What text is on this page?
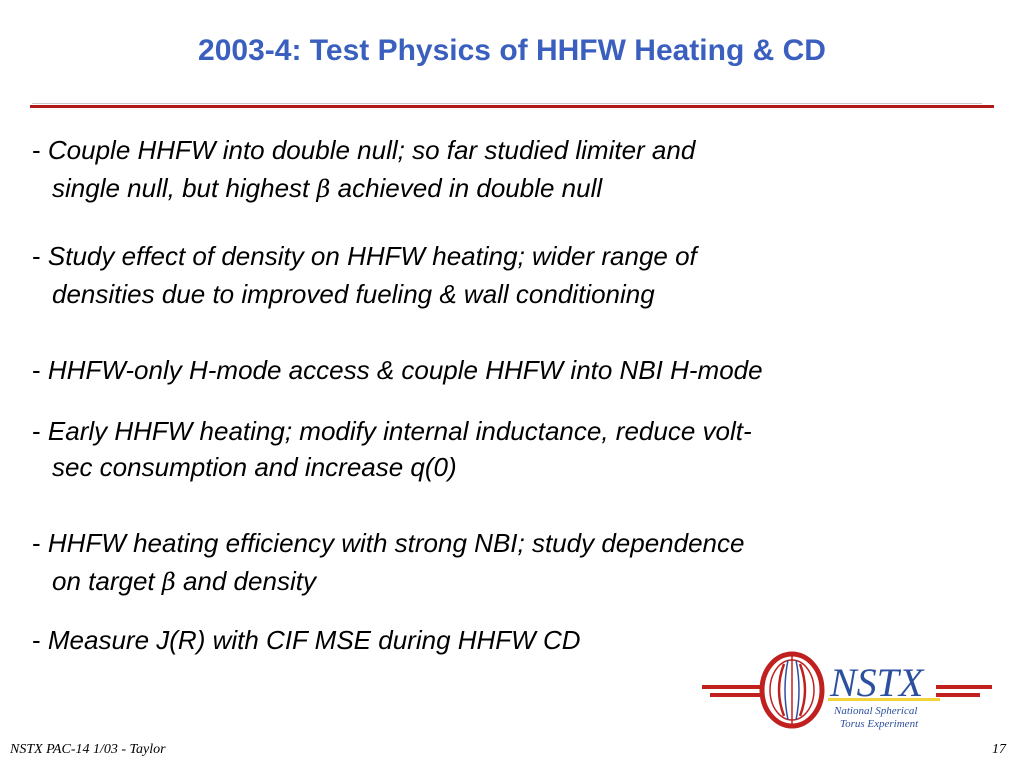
2003-4: Test Physics of HHFW Heating & CD
- Couple HHFW into double null; so far studied limiter and
single null, but highest β achieved in double null
- Study effect of density on HHFW heating; wider range of
densities due to improved fueling & wall conditioning
- HHFW-only H-mode access & couple HHFW into NBI H-mode
- Early HHFW heating; modify internal inductance, reduce volt-
sec consumption and increase q(0)
- HHFW heating efficiency with strong NBI; study dependence
on target β and density
- Measure J(R) with CIF MSE during HHFW CD
NSTX
National Spherical
Torus Experiment
NSTX PAC-14 1/03 - Taylor	17
